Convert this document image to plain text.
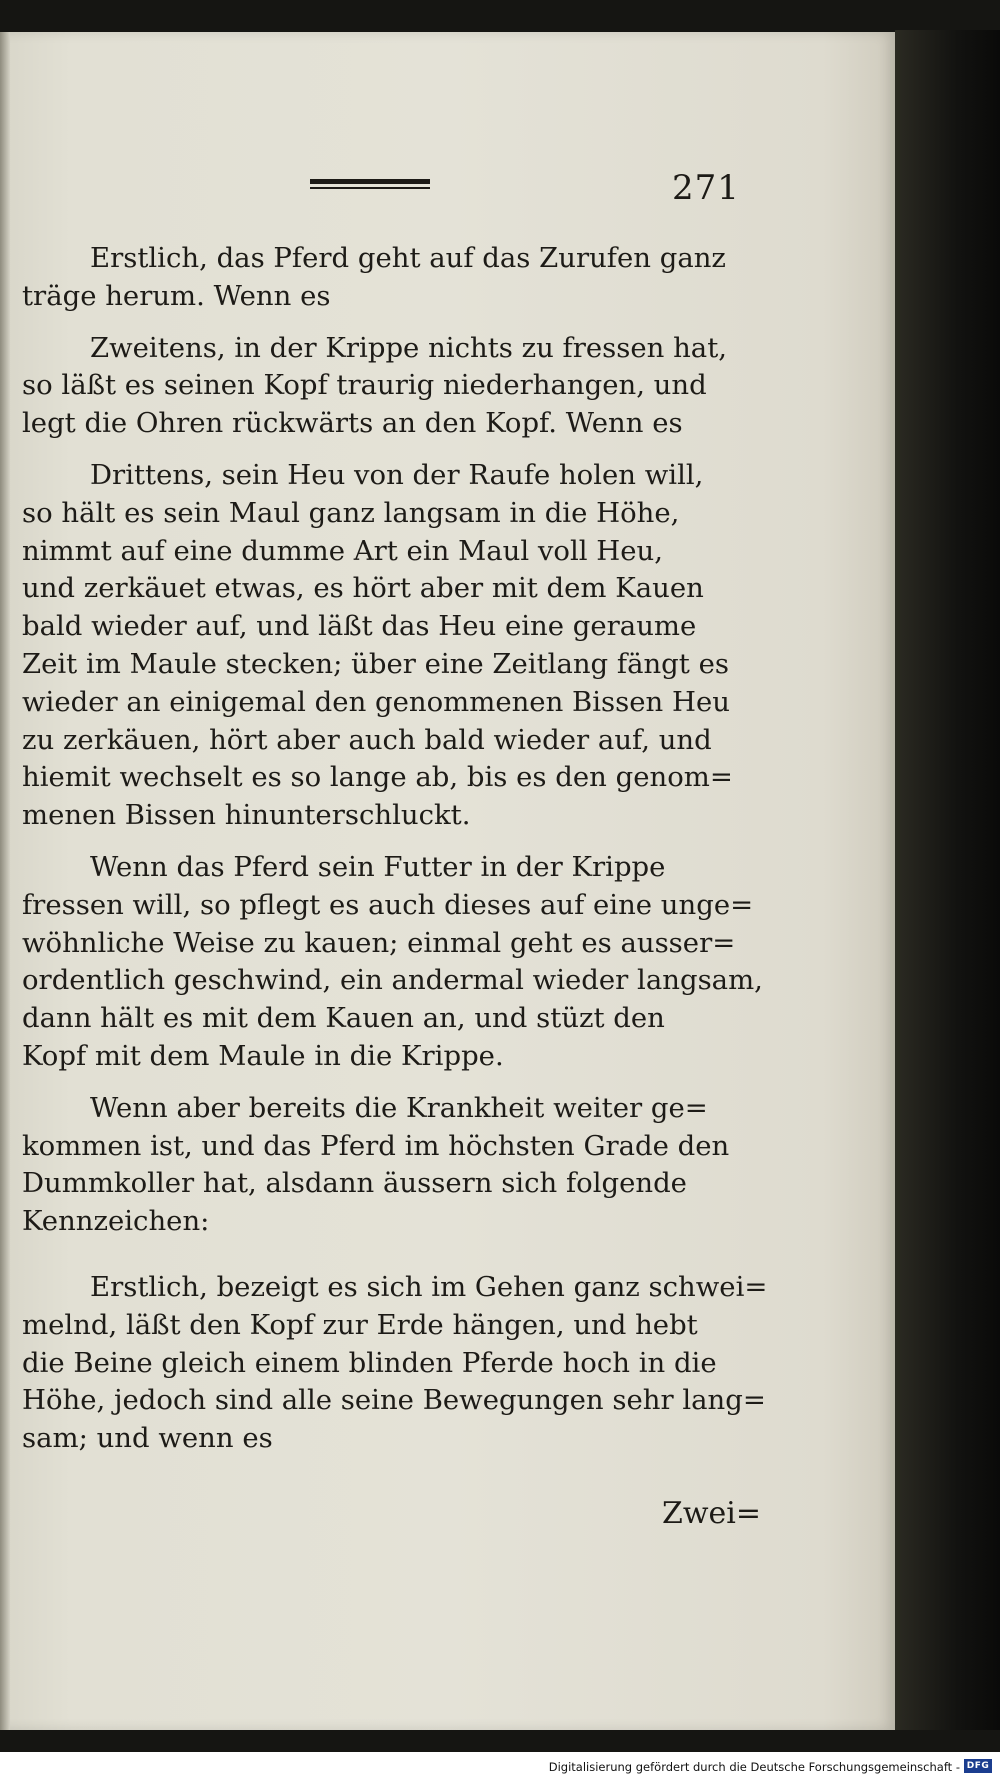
271

Erstlich, das Pferd geht auf das Zurufen ganz
träge herum. Wenn es

Zweitens, in der Krippe nichts zu fressen hat,
so läßt es seinen Kopf traurig niederhangen, und
legt die Ohren rückwärts an den Kopf. Wenn es

Drittens, sein Heu von der Raufe holen will,
so hält es sein Maul ganz langsam in die Höhe,
nimmt auf eine dumme Art ein Maul voll Heu,
und zerkäuet etwas, es hört aber mit dem Kauen
bald wieder auf, und läßt das Heu eine geraume
Zeit im Maule stecken; über eine Zeitlang fängt es
wieder an einigemal den genommenen Bissen Heu
zu zerkäuen, hört aber auch bald wieder auf, und
hiemit wechselt es so lange ab, bis es den genom=
menen Bissen hinunterschluckt.

Wenn das Pferd sein Futter in der Krippe
fressen will, so pflegt es auch dieses auf eine unge=
wöhnliche Weise zu kauen; einmal geht es ausser=
ordentlich geschwind, ein andermal wieder langsam,
dann hält es mit dem Kauen an, und stüzt den
Kopf mit dem Maule in die Krippe.

Wenn aber bereits die Krankheit weiter ge=
kommen ist, und das Pferd im höchsten Grade den
Dummkoller hat, alsdann äussern sich folgende
Kennzeichen:

Erstlich, bezeigt es sich im Gehen ganz schwei=
melnd, läßt den Kopf zur Erde hängen, und hebt
die Beine gleich einem blinden Pferde hoch in die
Höhe, jedoch sind alle seine Bewegungen sehr lang=
sam; und wenn es

Zwei=
Digitalisierung gefördert durch die Deutsche Forschungsgemeinschaft - DFG
